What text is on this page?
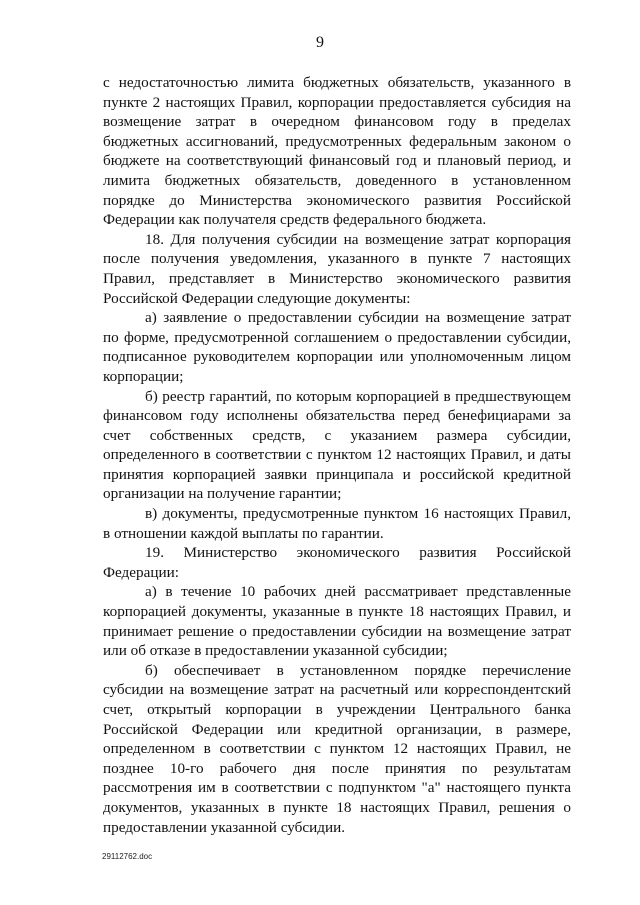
9

с недостаточностью лимита бюджетных обязательств, указанного в пункте 2 настоящих Правил, корпорации предоставляется субсидия на возмещение затрат в очередном финансовом году в пределах бюджетных ассигнований, предусмотренных федеральным законом о бюджете на соответствующий финансовый год и плановый период, и лимита бюджетных обязательств, доведенного в установленном порядке до Министерства экономического развития Российской Федерации как получателя средств федерального бюджета.

18. Для получения субсидии на возмещение затрат корпорация после получения уведомления, указанного в пункте 7 настоящих Правил, представляет в Министерство экономического развития Российской Федерации следующие документы:

а) заявление о предоставлении субсидии на возмещение затрат по форме, предусмотренной соглашением о предоставлении субсидии, подписанное руководителем корпорации или уполномоченным лицом корпорации;

б) реестр гарантий, по которым корпорацией в предшествующем финансовом году исполнены обязательства перед бенефициарами за счет собственных средств, с указанием размера субсидии, определенного в соответствии с пунктом 12 настоящих Правил, и даты принятия корпорацией заявки принципала и российской кредитной организации на получение гарантии;

в) документы, предусмотренные пунктом 16 настоящих Правил, в отношении каждой выплаты по гарантии.

19. Министерство экономического развития Российской Федерации:

а) в течение 10 рабочих дней рассматривает представленные корпорацией документы, указанные в пункте 18 настоящих Правил, и принимает решение о предоставлении субсидии на возмещение затрат или об отказе в предоставлении указанной субсидии;

б) обеспечивает в установленном порядке перечисление субсидии на возмещение затрат на расчетный или корреспондентский счет, открытый корпорации в учреждении Центрального банка Российской Федерации или кредитной организации, в размере, определенном в соответствии с пунктом 12 настоящих Правил, не позднее 10-го рабочего дня после принятия по результатам рассмотрения им в соответствии с подпунктом "а" настоящего пункта документов, указанных в пункте 18 настоящих Правил, решения о предоставлении указанной субсидии.

29112762.doc
